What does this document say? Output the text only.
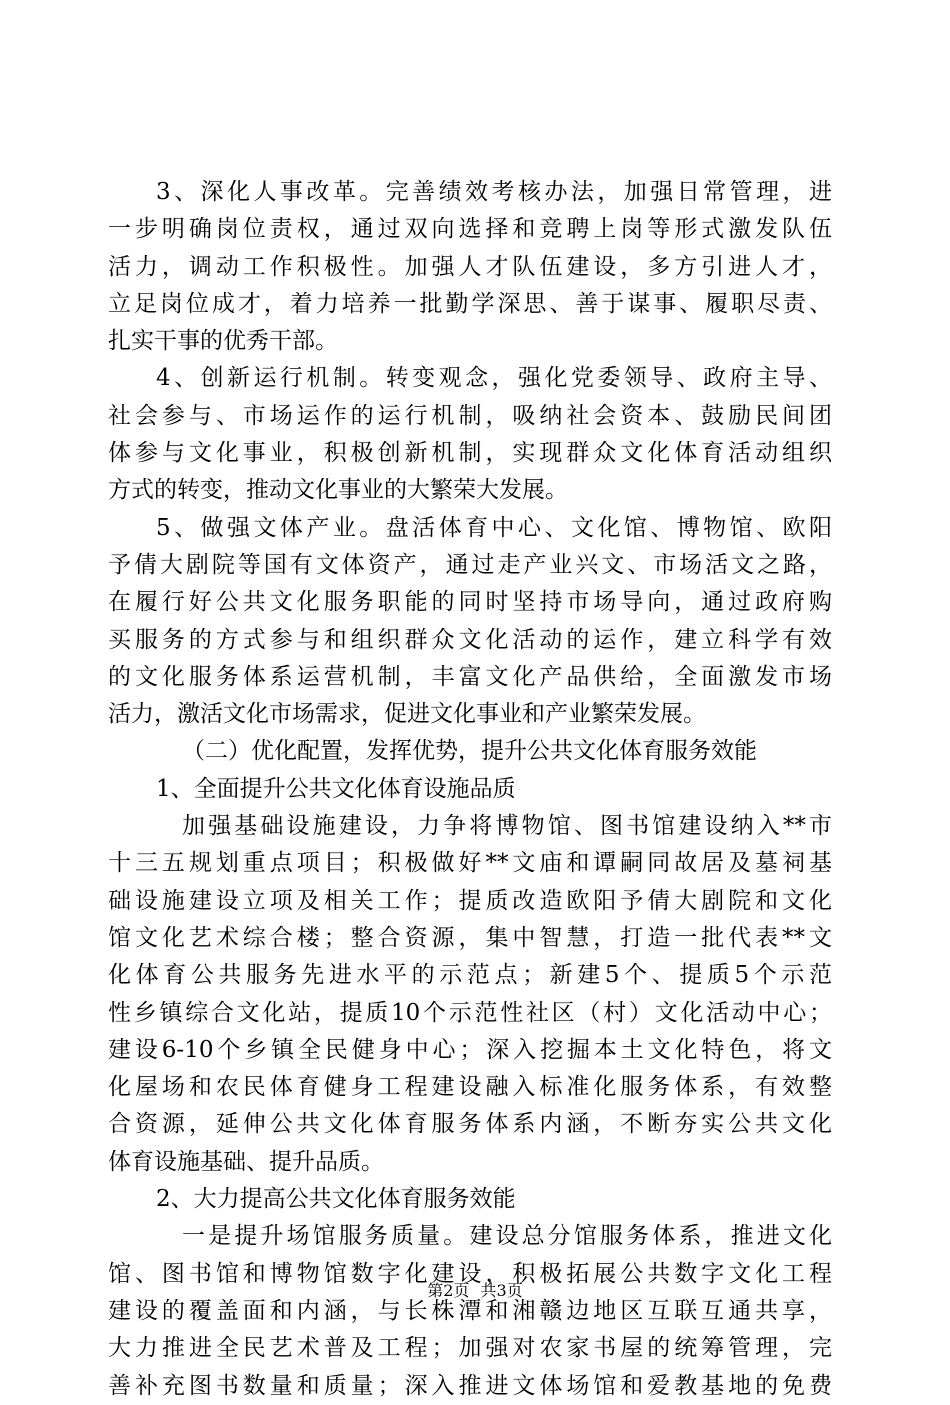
3、深化人事改革。完善绩效考核办法，加强日常管理，进
一步明确岗位责权，通过双向选择和竞聘上岗等形式激发队伍
活力，调动工作积极性。加强人才队伍建设，多方引进人才，
立足岗位成才，着力培养一批勤学深思、善于谋事、履职尽责、
扎实干事的优秀干部。
4、创新运行机制。转变观念，强化党委领导、政府主导、
社会参与、市场运作的运行机制，吸纳社会资本、鼓励民间团
体参与文化事业，积极创新机制，实现群众文化体育活动组织
方式的转变，推动文化事业的大繁荣大发展。
5、做强文体产业。盘活体育中心、文化馆、博物馆、欧阳
予倩大剧院等国有文体资产，通过走产业兴文、市场活文之路，
在履行好公共文化服务职能的同时坚持市场导向，通过政府购
买服务的方式参与和组织群众文化活动的运作，建立科学有效
的文化服务体系运营机制，丰富文化产品供给，全面激发市场
活力，激活文化市场需求，促进文化事业和产业繁荣发展。
（二）优化配置，发挥优势，提升公共文化体育服务效能
1、全面提升公共文化体育设施品质
加强基础设施建设，力争将博物馆、图书馆建设纳入**市
十三五规划重点项目；积极做好**文庙和谭嗣同故居及墓祠基
础设施建设立项及相关工作；提质改造欧阳予倩大剧院和文化
馆文化艺术综合楼；整合资源，集中智慧，打造一批代表**文
化体育公共服务先进水平的示范点；新建5个、提质5个示范
性乡镇综合文化站，提质10个示范性社区（村）文化活动中心；
建设6-10个乡镇全民健身中心；深入挖掘本土文化特色，将文
化屋场和农民体育健身工程建设融入标准化服务体系，有效整
合资源，延伸公共文化体育服务体系内涵，不断夯实公共文化
体育设施基础、提升品质。
2、大力提高公共文化体育服务效能
一是提升场馆服务质量。建设总分馆服务体系，推进文化
馆、图书馆和博物馆数字化建设，积极拓展公共数字文化工程
建设的覆盖面和内涵，与长株潭和湘赣边地区互联互通共享，
大力推进全民艺术普及工程；加强对农家书屋的统筹管理，完
善补充图书数量和质量；深入推进文体场馆和爱教基地的免费
第2页 共3页
